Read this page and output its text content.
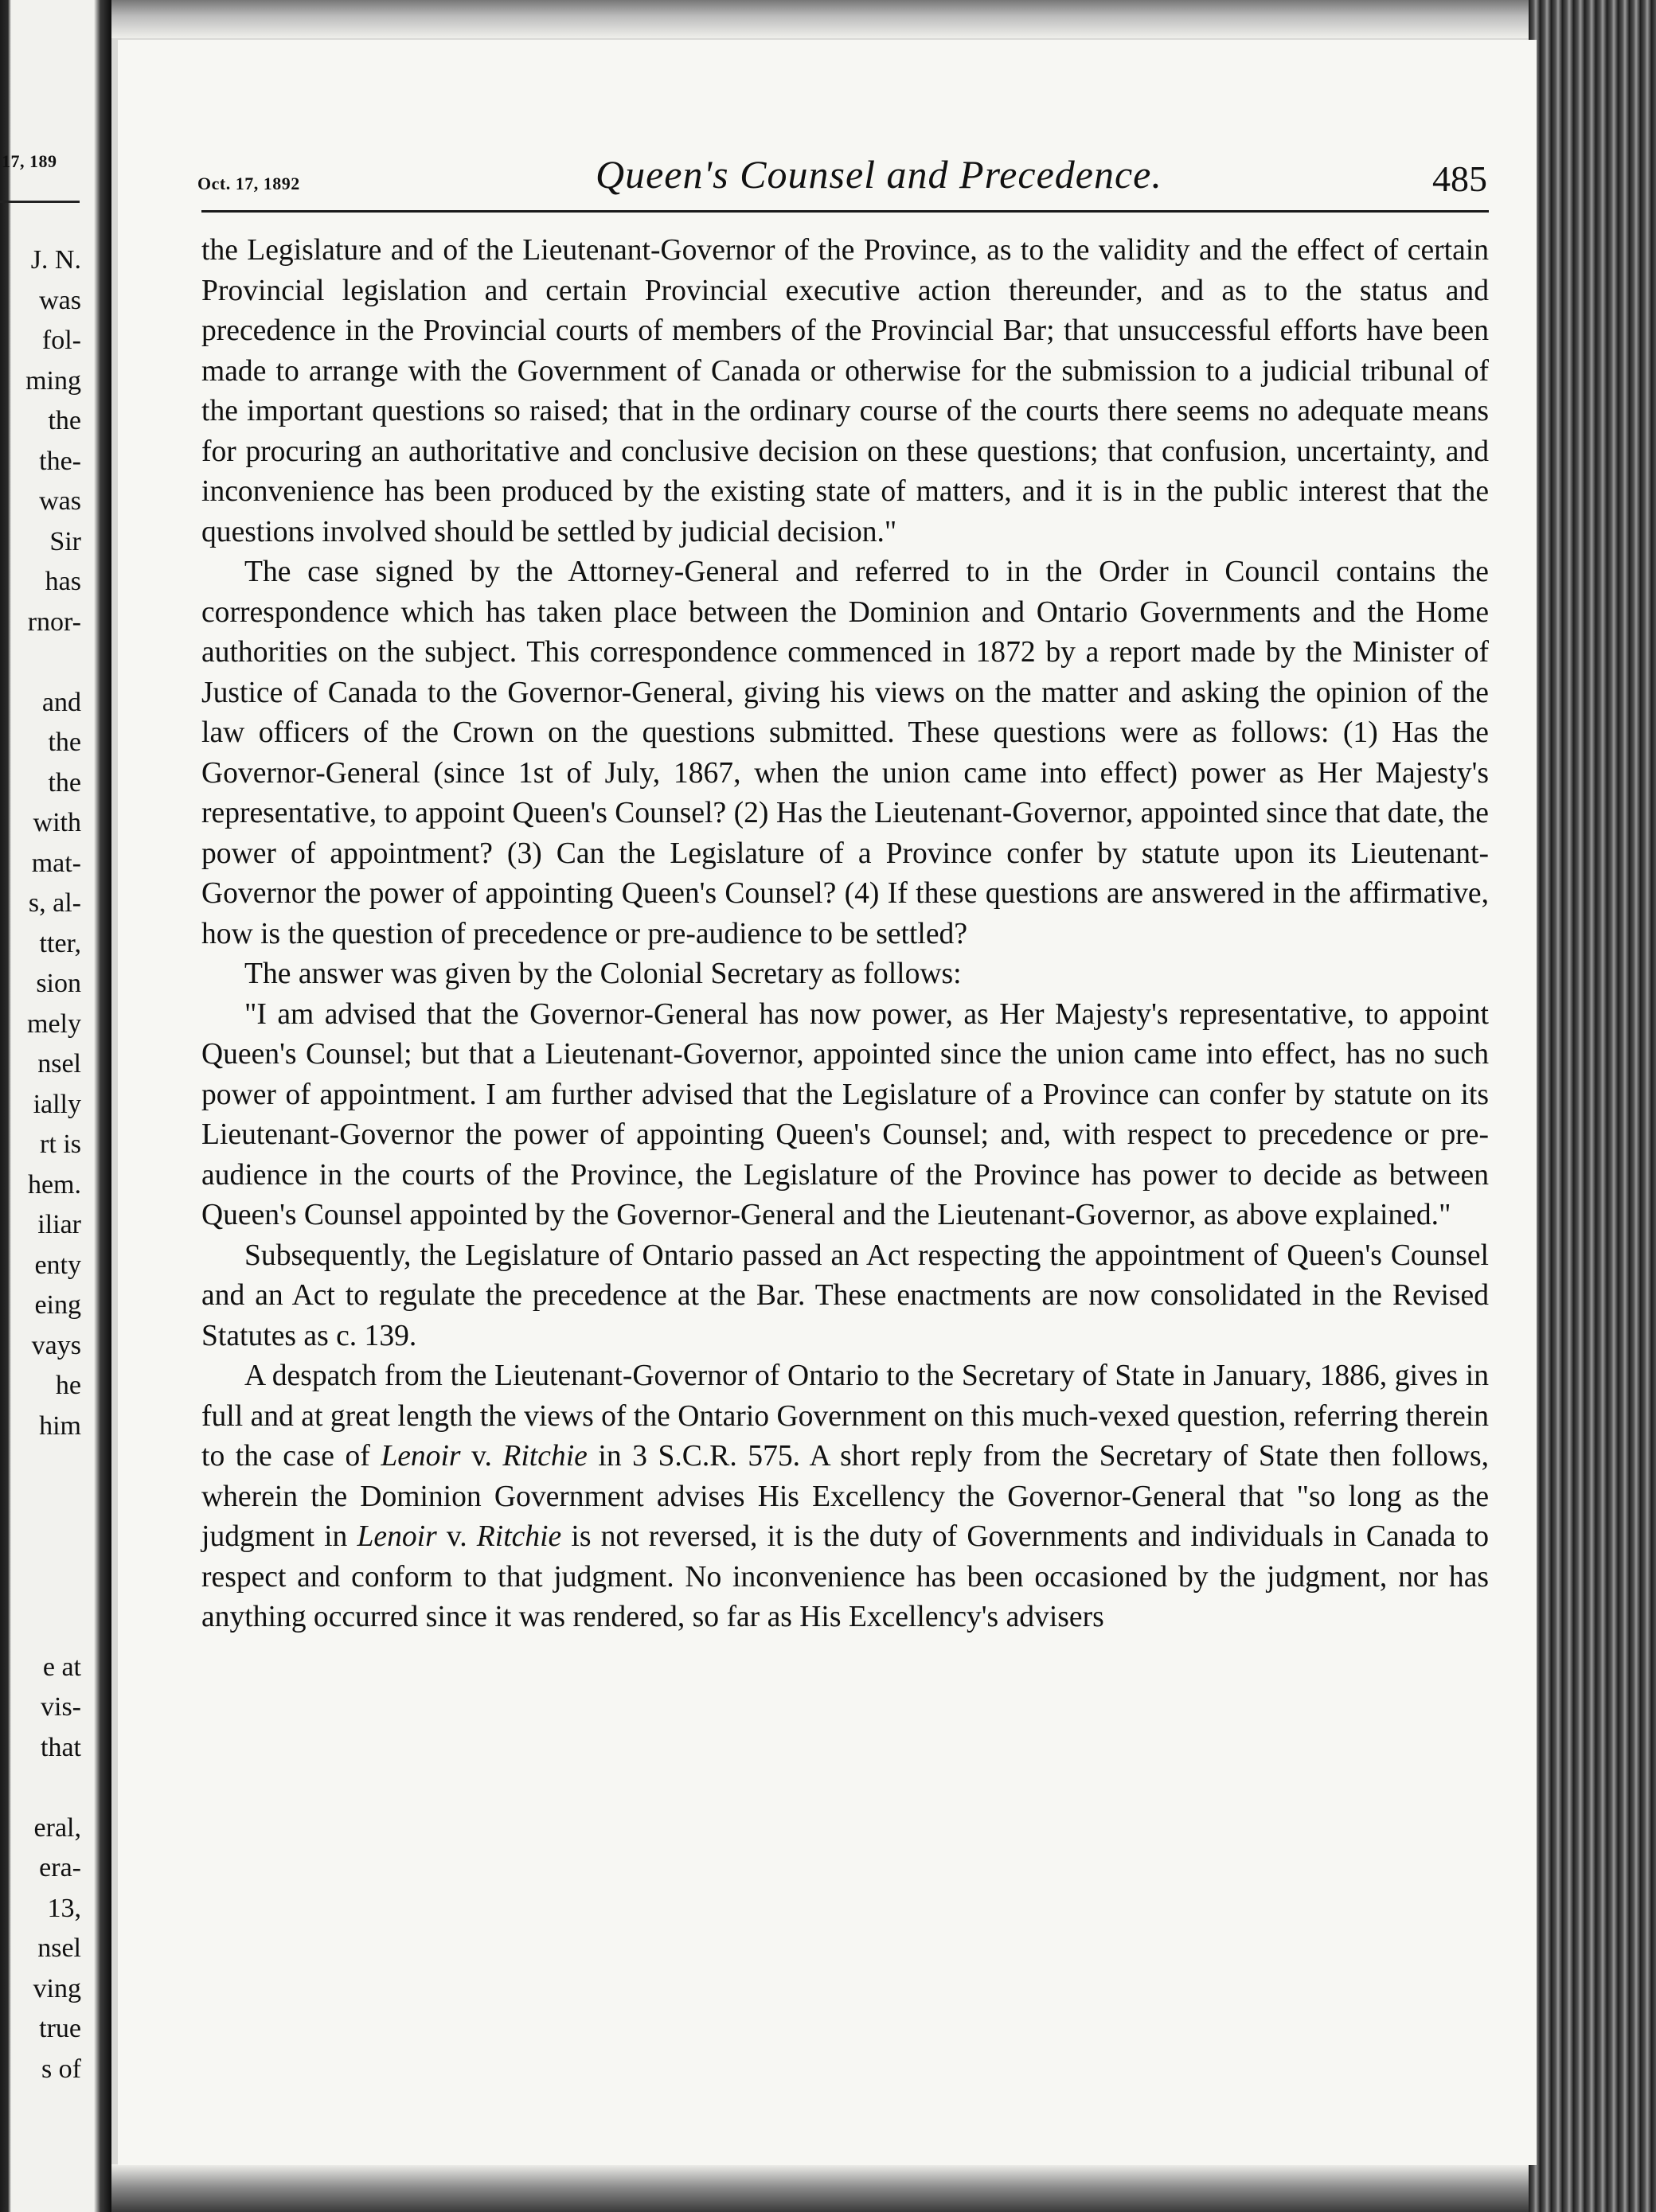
17, 189
J. N.
was
fol-
ming
the
the-
was
Sir
has
rnor-
and
the
the
with
mat-
s, al-
tter,
sion
mely
nsel
ially
rt is
hem.
iliar
enty
eing
vays
he
him
e at
vis-
that
eral,
era-
13,
nsel
ving
true
s of
Oct. 17, 1892	Queen's Counsel and Precedence.	485

the Legislature and of the Lieutenant-Governor of the Province, as to the validity and the effect of certain Provincial legislation and certain Provincial executive action thereunder, and as to the status and precedence in the Provincial courts of members of the Provincial Bar; that unsuccessful efforts have been made to arrange with the Government of Canada or otherwise for the submission to a judicial tribunal of the important questions so raised; that in the ordinary course of the courts there seems no adequate means for procuring an authoritative and conclusive decision on these questions; that confusion, uncertainty, and inconvenience has been produced by the existing state of matters, and it is in the public interest that the questions involved should be settled by judicial decision."

The case signed by the Attorney-General and referred to in the Order in Council contains the correspondence which has taken place between the Dominion and Ontario Governments and the Home authorities on the subject. This correspondence commenced in 1872 by a report made by the Minister of Justice of Canada to the Governor-General, giving his views on the matter and asking the opinion of the law officers of the Crown on the questions submitted. These questions were as follows: (1) Has the Governor-General (since 1st of July, 1867, when the union came into effect) power as Her Majesty's representative, to appoint Queen's Counsel? (2) Has the Lieutenant-Governor, appointed since that date, the power of appointment? (3) Can the Legislature of a Province confer by statute upon its Lieutenant-Governor the power of appointing Queen's Counsel? (4) If these questions are answered in the affirmative, how is the question of precedence or pre-audience to be settled?

The answer was given by the Colonial Secretary as follows:

"I am advised that the Governor-General has now power, as Her Majesty's representative, to appoint Queen's Counsel; but that a Lieutenant-Governor, appointed since the union came into effect, has no such power of appointment. I am further advised that the Legislature of a Province can confer by statute on its Lieutenant-Governor the power of appointing Queen's Counsel; and, with respect to precedence or pre-audience in the courts of the Province, the Legislature of the Province has power to decide as between Queen's Counsel appointed by the Governor-General and the Lieutenant-Governor, as above explained."

Subsequently, the Legislature of Ontario passed an Act respecting the appointment of Queen's Counsel and an Act to regulate the precedence at the Bar. These enactments are now consolidated in the Revised Statutes as c. 139.

A despatch from the Lieutenant-Governor of Ontario to the Secretary of State in January, 1886, gives in full and at great length the views of the Ontario Government on this much-vexed question, referring therein to the case of Lenoir v. Ritchie in 3 S.C.R. 575. A short reply from the Secretary of State then follows, wherein the Dominion Government advises His Excellency the Governor-General that "so long as the judgment in Lenoir v. Ritchie is not reversed, it is the duty of Governments and individuals in Canada to respect and conform to that judgment. No inconvenience has been occasioned by the judgment, nor has anything occurred since it was rendered, so far as His Excellency's advisers
